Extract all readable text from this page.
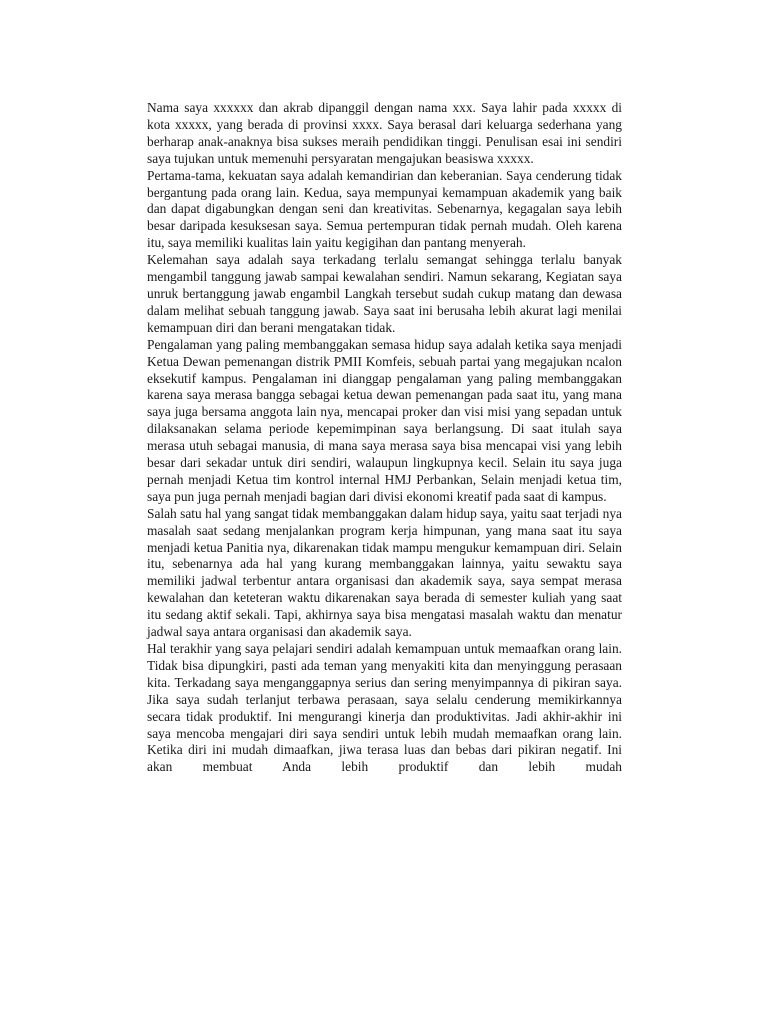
Nama saya xxxxxx dan akrab dipanggil dengan nama xxx. Saya lahir pada xxxxx di kota xxxxx, yang berada di provinsi xxxx. Saya berasal dari keluarga sederhana yang berharap anak-anaknya bisa sukses meraih pendidikan tinggi. Penulisan esai ini sendiri saya tujukan untuk memenuhi persyaratan mengajukan beasiswa xxxxx.

Pertama-tama, kekuatan saya adalah kemandirian dan keberanian. Saya cenderung tidak bergantung pada orang lain. Kedua, saya mempunyai kemampuan akademik yang baik dan dapat digabungkan dengan seni dan kreativitas. Sebenarnya, kegagalan saya lebih besar daripada kesuksesan saya. Semua pertempuran tidak pernah mudah. Oleh karena itu, saya memiliki kualitas lain yaitu kegigihan dan pantang menyerah.

Kelemahan saya adalah saya terkadang terlalu semangat sehingga terlalu banyak mengambil tanggung jawab sampai kewalahan sendiri. Namun sekarang, Kegiatan saya unruk bertanggung jawab engambil Langkah tersebut sudah cukup matang dan dewasa dalam melihat sebuah tanggung jawab. Saya saat ini berusaha lebih akurat lagi menilai kemampuan diri dan berani mengatakan tidak.

Pengalaman yang paling membanggakan semasa hidup saya adalah ketika saya menjadi Ketua Dewan pemenangan distrik PMII Komfeis, sebuah partai yang megajukan ncalon eksekutif kampus. Pengalaman ini dianggap pengalaman yang paling membanggakan karena saya merasa bangga sebagai ketua dewan pemenangan pada saat itu, yang mana saya juga bersama anggota lain nya, mencapai proker dan visi misi yang sepadan untuk dilaksanakan selama periode kepemimpinan saya berlangsung. Di saat itulah saya merasa utuh sebagai manusia, di mana saya merasa saya bisa mencapai visi yang lebih besar dari sekadar untuk diri sendiri, walaupun lingkupnya kecil. Selain itu saya juga pernah menjadi Ketua tim kontrol internal HMJ Perbankan, Selain menjadi ketua tim, saya pun juga pernah menjadi bagian dari divisi ekonomi kreatif pada saat di kampus.

Salah satu hal yang sangat tidak membanggakan dalam hidup saya, yaitu saat terjadi nya masalah saat sedang menjalankan program kerja himpunan, yang mana saat itu saya menjadi ketua Panitia nya, dikarenakan tidak mampu mengukur kemampuan diri. Selain itu, sebenarnya ada hal yang kurang membanggakan lainnya, yaitu sewaktu saya memiliki jadwal terbentur antara organisasi dan akademik saya, saya sempat merasa kewalahan dan keteteran waktu dikarenakan saya berada di semester kuliah yang saat itu sedang aktif sekali. Tapi, akhirnya saya bisa mengatasi masalah waktu dan menatur jadwal saya antara organisasi dan akademik saya.

Hal terakhir yang saya pelajari sendiri adalah kemampuan untuk memaafkan orang lain. Tidak bisa dipungkiri, pasti ada teman yang menyakiti kita dan menyinggung perasaan kita. Terkadang saya menganggapnya serius dan sering menyimpannya di pikiran saya. Jika saya sudah terlanjut terbawa perasaan, saya selalu cenderung memikirkannya secara tidak produktif. Ini mengurangi kinerja dan produktivitas. Jadi akhir-akhir ini saya mencoba mengajari diri saya sendiri untuk lebih mudah memaafkan orang lain. Ketika diri ini mudah dimaafkan, jiwa terasa luas dan bebas dari pikiran negatif. Ini akan membuat Anda lebih produktif dan lebih mudah
